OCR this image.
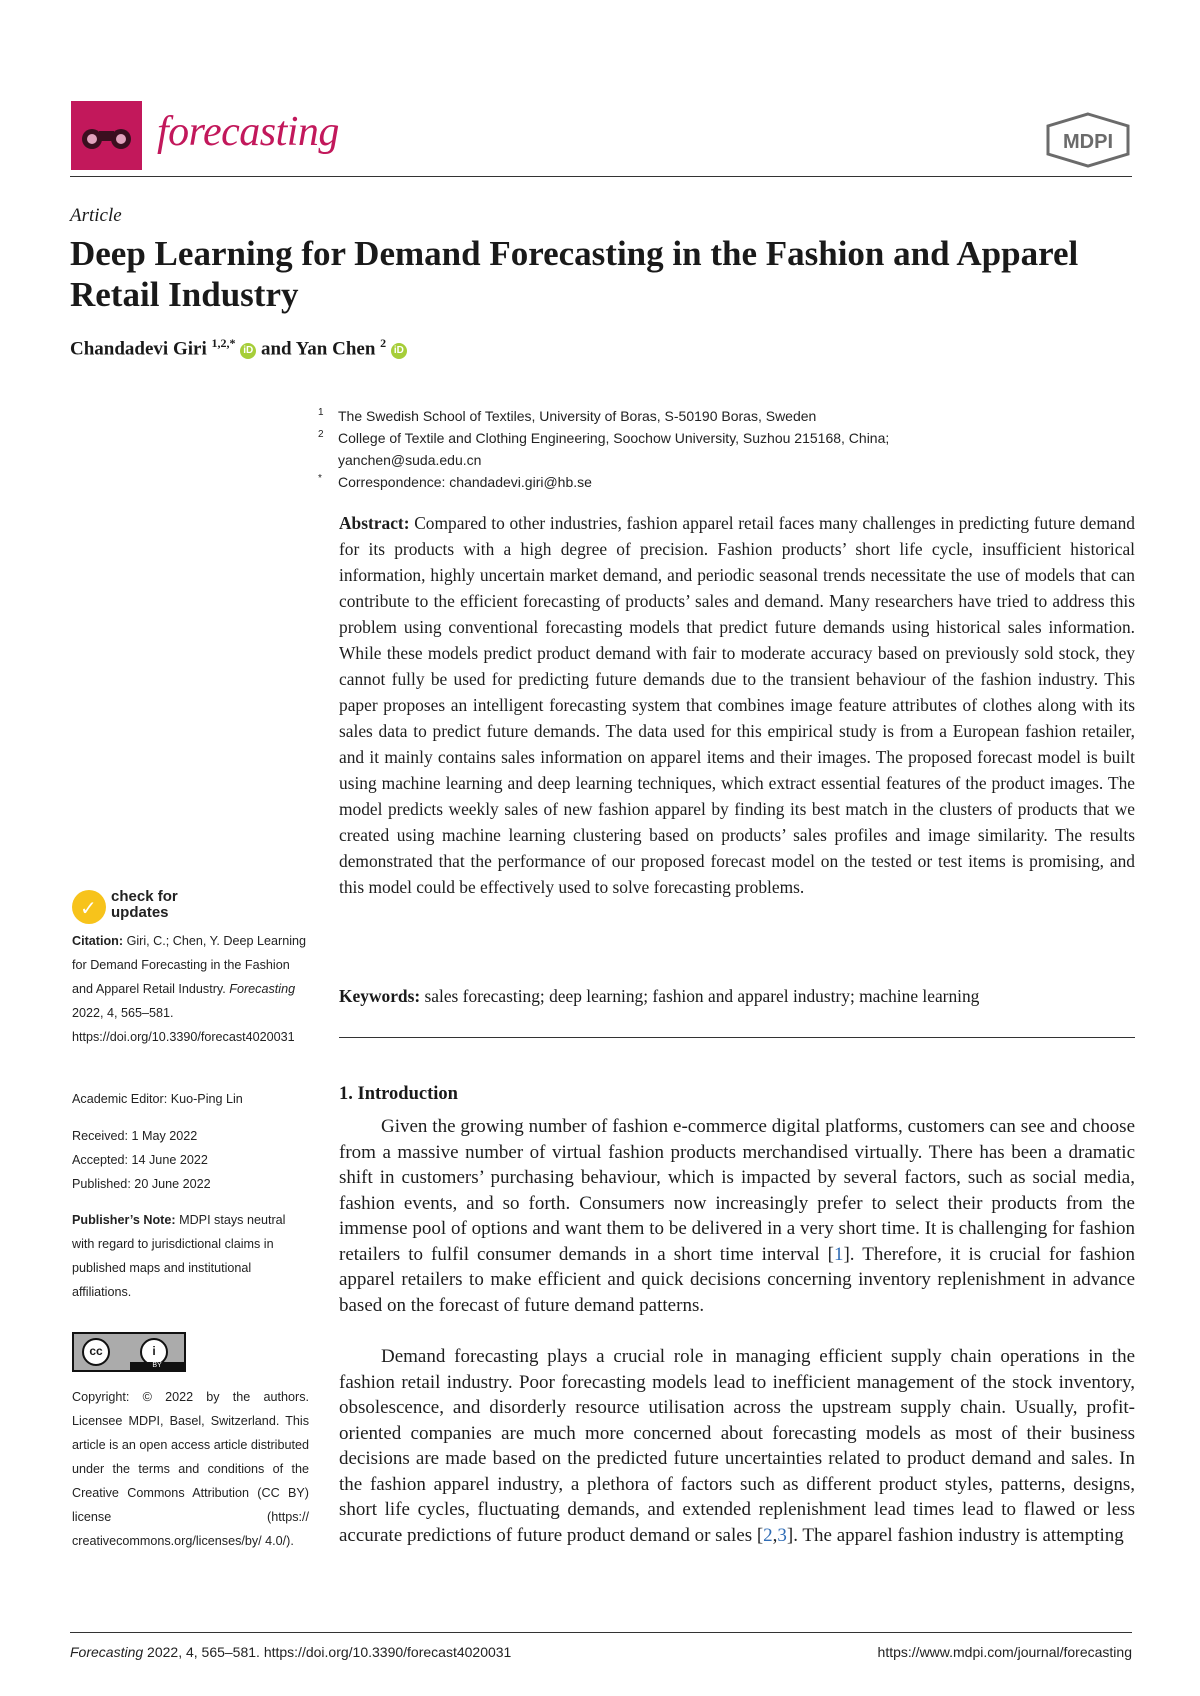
forecasting	MDPI
Article
Deep Learning for Demand Forecasting in the Fashion and Apparel Retail Industry
Chandadevi Giri $^{1,2,*}$ iD and Yan Chen $^2$ iD
1 The Swedish School of Textiles, University of Boras, S-50190 Boras, Sweden
2 College of Textile and Clothing Engineering, Soochow University, Suzhou 215168, China; yanchen@suda.edu.cn
* Correspondence: chandadevi.giri@hb.se
Abstract: Compared to other industries, fashion apparel retail faces many challenges in predicting future demand for its products with a high degree of precision. Fashion products’ short life cycle, insufficient historical information, highly uncertain market demand, and periodic seasonal trends necessitate the use of models that can contribute to the efficient forecasting of products’ sales and demand. Many researchers have tried to address this problem using conventional forecasting models that predict future demands using historical sales information. While these models predict product demand with fair to moderate accuracy based on previously sold stock, they cannot fully be used for predicting future demands due to the transient behaviour of the fashion industry. This paper proposes an intelligent forecasting system that combines image feature attributes of clothes along with its sales data to predict future demands. The data used for this empirical study is from a European fashion retailer, and it mainly contains sales information on apparel items and their images. The proposed forecast model is built using machine learning and deep learning techniques, which extract essential features of the product images. The model predicts weekly sales of new fashion apparel by finding its best match in the clusters of products that we created using machine learning clustering based on products’ sales profiles and image similarity. The results demonstrated that the performance of our proposed forecast model on the tested or test items is promising, and this model could be effectively used to solve forecasting problems.
Keywords: sales forecasting; deep learning; fashion and apparel industry; machine learning
1. Introduction
Given the growing number of fashion e-commerce digital platforms, customers can see and choose from a massive number of virtual fashion products merchandised virtually. There has been a dramatic shift in customers’ purchasing behaviour, which is impacted by several factors, such as social media, fashion events, and so forth. Consumers now increasingly prefer to select their products from the immense pool of options and want them to be delivered in a very short time. It is challenging for fashion retailers to fulfil consumer demands in a short time interval [1]. Therefore, it is crucial for fashion apparel retailers to make efficient and quick decisions concerning inventory replenishment in advance based on the forecast of future demand patterns.
Demand forecasting plays a crucial role in managing efficient supply chain operations in the fashion retail industry. Poor forecasting models lead to inefficient management of the stock inventory, obsolescence, and disorderly resource utilisation across the upstream supply chain. Usually, profit-oriented companies are much more concerned about forecasting models as most of their business decisions are made based on the predicted future uncertainties related to product demand and sales. In the fashion apparel industry, a plethora of factors such as different product styles, patterns, designs, short life cycles, fluctuating demands, and extended replenishment lead times lead to flawed or less accurate predictions of future product demand or sales [2,3]. The apparel fashion industry is attempting
✓ check for
updates
Citation: Giri, C.; Chen, Y. Deep Learning for Demand Forecasting in the Fashion and Apparel Retail Industry. Forecasting 2022, 4, 565–581. https://doi.org/10.3390/forecast4020031
Academic Editor: Kuo-Ping Lin
Received: 1 May 2022
Accepted: 14 June 2022
Published: 20 June 2022
Publisher’s Note: MDPI stays neutral with regard to jurisdictional claims in published maps and institutional affiliations.
cc	i
BY
Copyright: © 2022 by the authors. Licensee MDPI, Basel, Switzerland. This article is an open access article distributed under the terms and conditions of the Creative Commons Attribution (CC BY) license (https:// creativecommons.org/licenses/by/ 4.0/).
Forecasting 2022, 4, 565–581. https://doi.org/10.3390/forecast4020031	https://www.mdpi.com/journal/forecasting
